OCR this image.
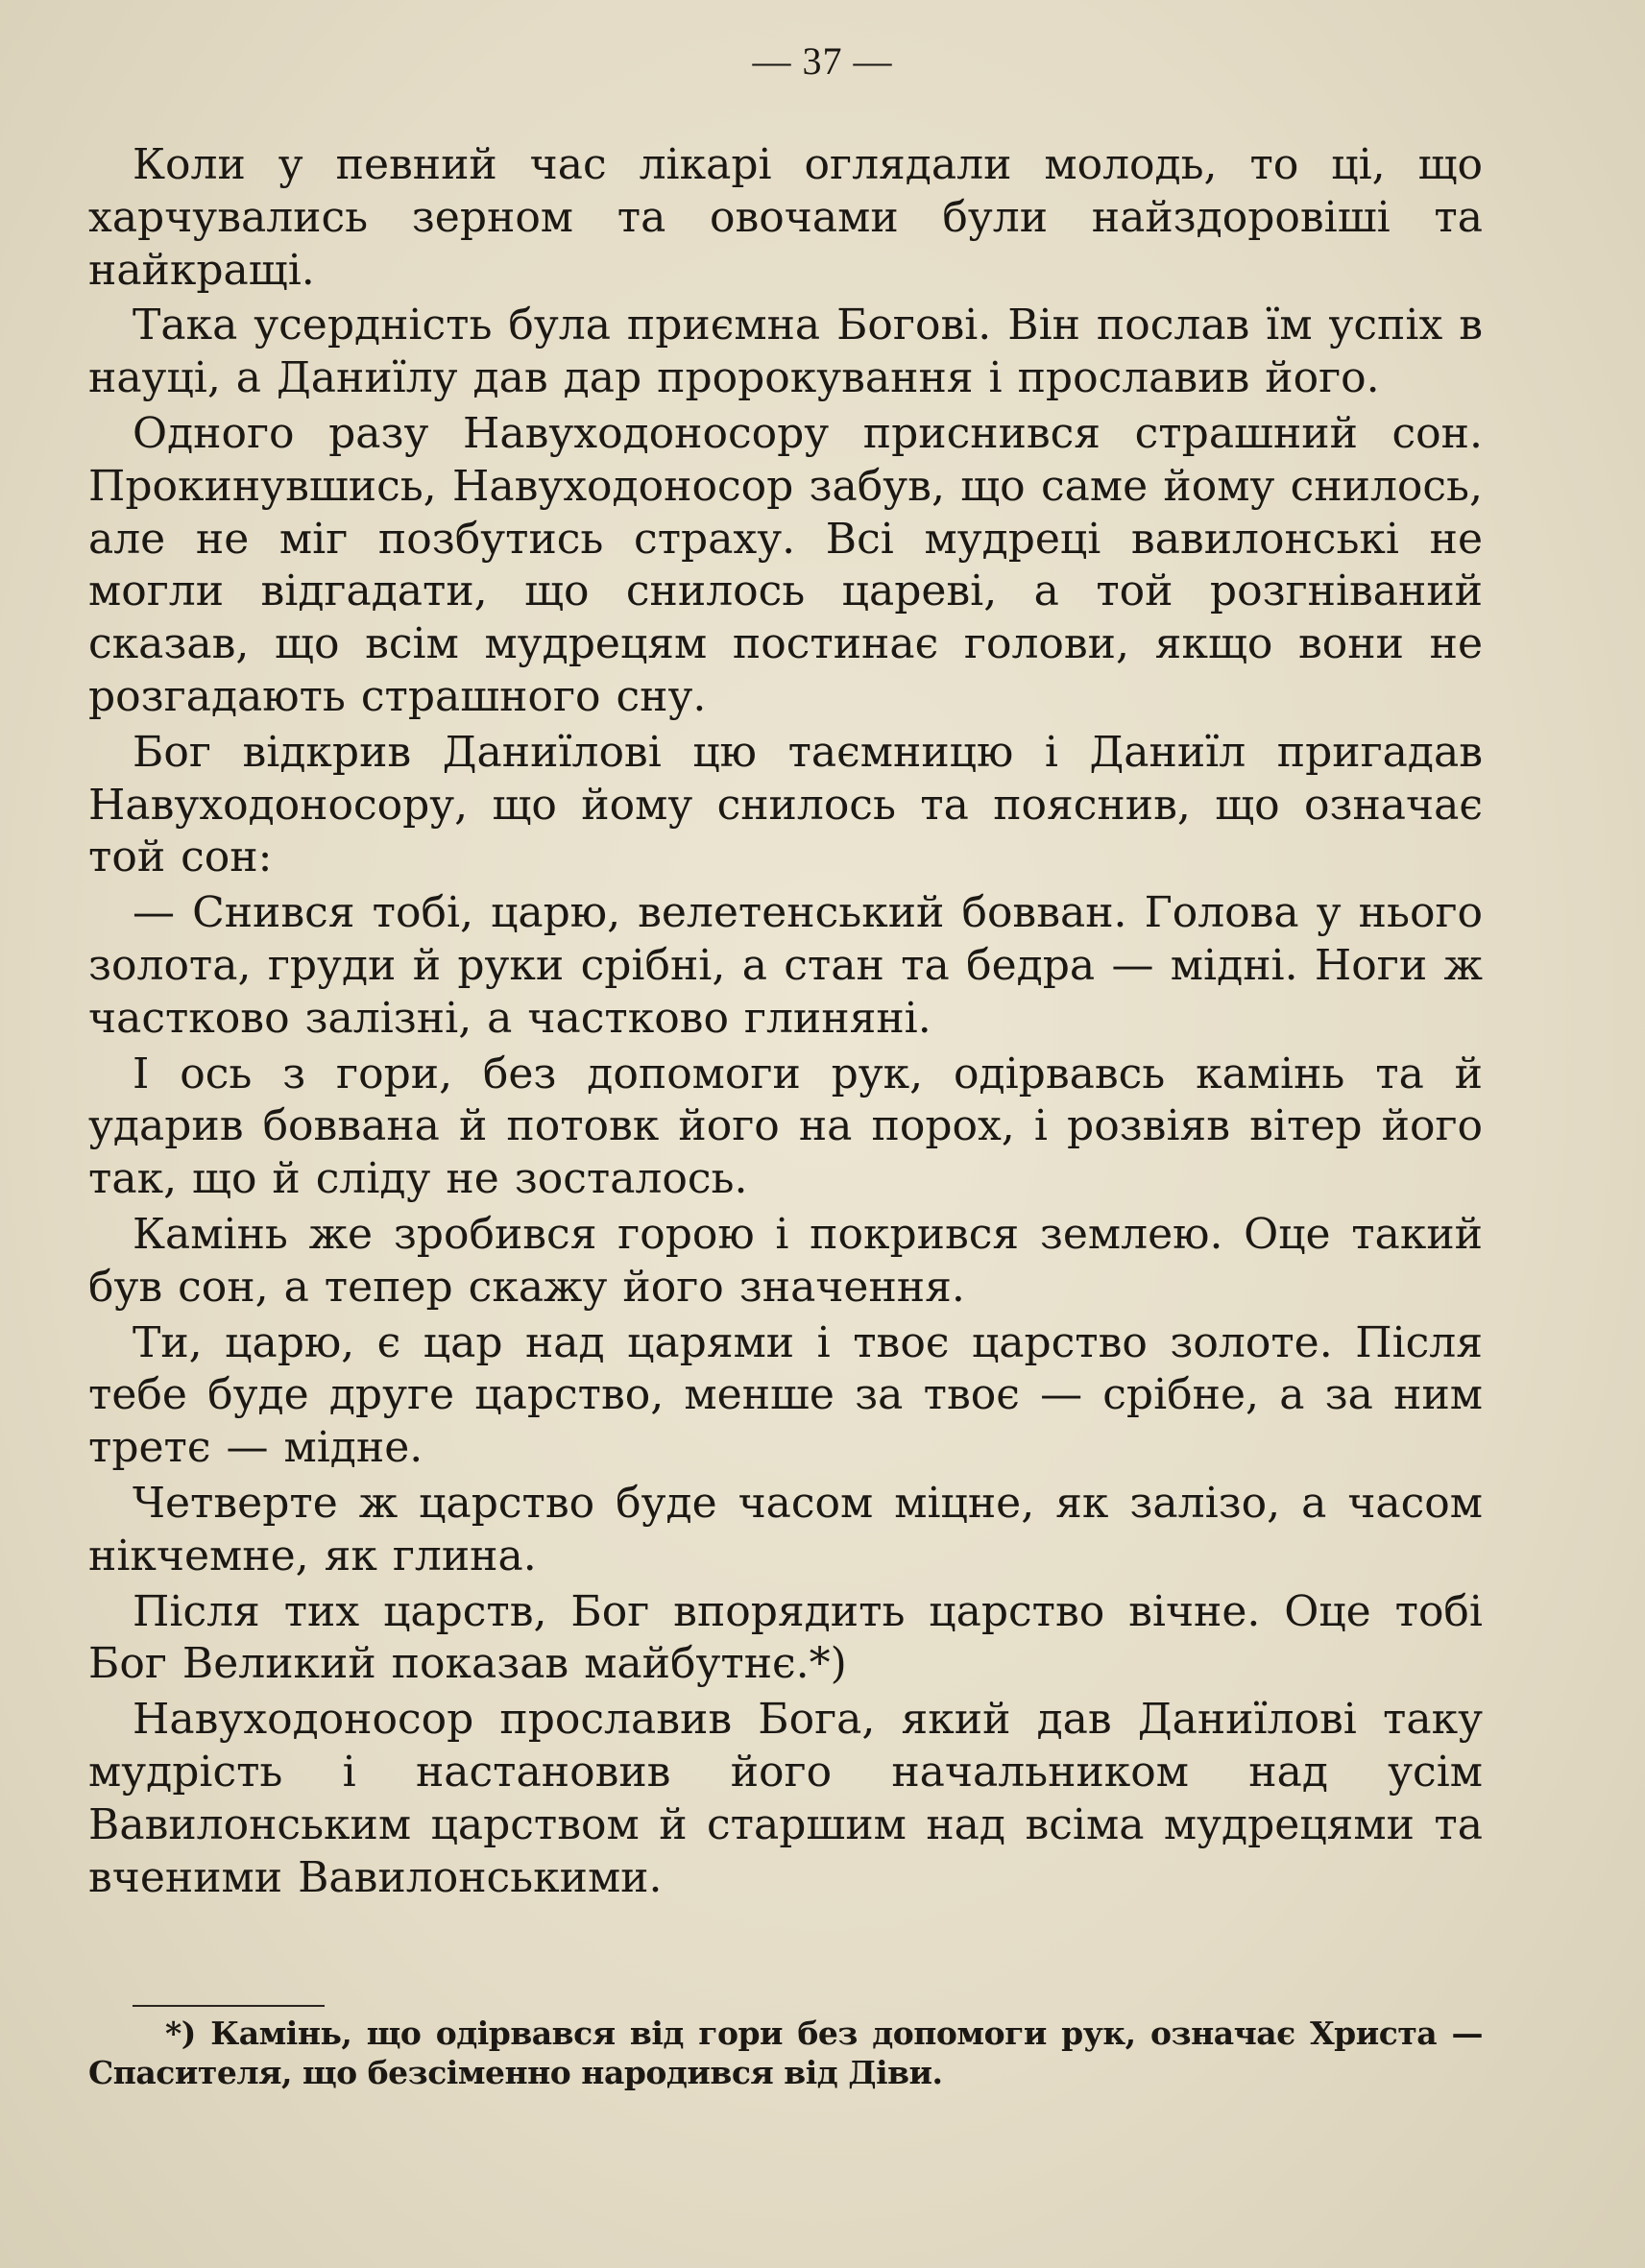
— 37 —

Коли у певний час лікарі оглядали молодь, то ці, що харчувались зерном та овочами були найздоровіші та найкращі.

Така усердність була приємна Богові. Він послав їм успіх в науці, а Даниїлу дав дар пророкування і прославив його.

Одного разу Навуходоносору приснився страшний сон. Прокинувшись, Навуходоносор забув, що саме йому снилось, але не міг позбутись страху. Всі мудреці вавилонські не могли відгадати, що снилось цареві, а той розгніваний сказав, що всім мудрецям постинає голови, якщо вони не розгадають страшного сну.

Бог відкрив Даниїлові цю таємницю і Даниїл пригадав Навуходоносору, що йому снилось та пояснив, що означає той сон:

— Снився тобі, царю, велетенський бовван. Голова у нього золота, груди й руки срібні, а стан та бедра — мідні. Ноги ж частково залізні, а частково глиняні.

І ось з гори, без допомоги рук, одірвавсь камінь та й ударив боввана й потовк його на порох, і розвіяв вітер його так, що й сліду не зосталось.

Камінь же зробився горою і покрився землею. Оце такий був сон, а тепер скажу його значення.

Ти, царю, є цар над царями і твоє царство золоте. Після тебе буде друге царство, менше за твоє — срібне, а за ним третє — мідне.

Четверте ж царство буде часом міцне, як залізо, а часом нікчемне, як глина.

Після тих царств, Бог впорядить царство вічне. Оце тобі Бог Великий показав майбутнє.*)

Навуходоносор прославив Бога, який дав Даниїлові таку мудрість і настановив його начальником над усім Вавилонським царством й старшим над всіма мудрецями та вченими Вавилонськими.

*) Камінь, що одірвався від гори без допомоги рук, означає Христа — Спасителя, що безсіменно народився від Діви.
